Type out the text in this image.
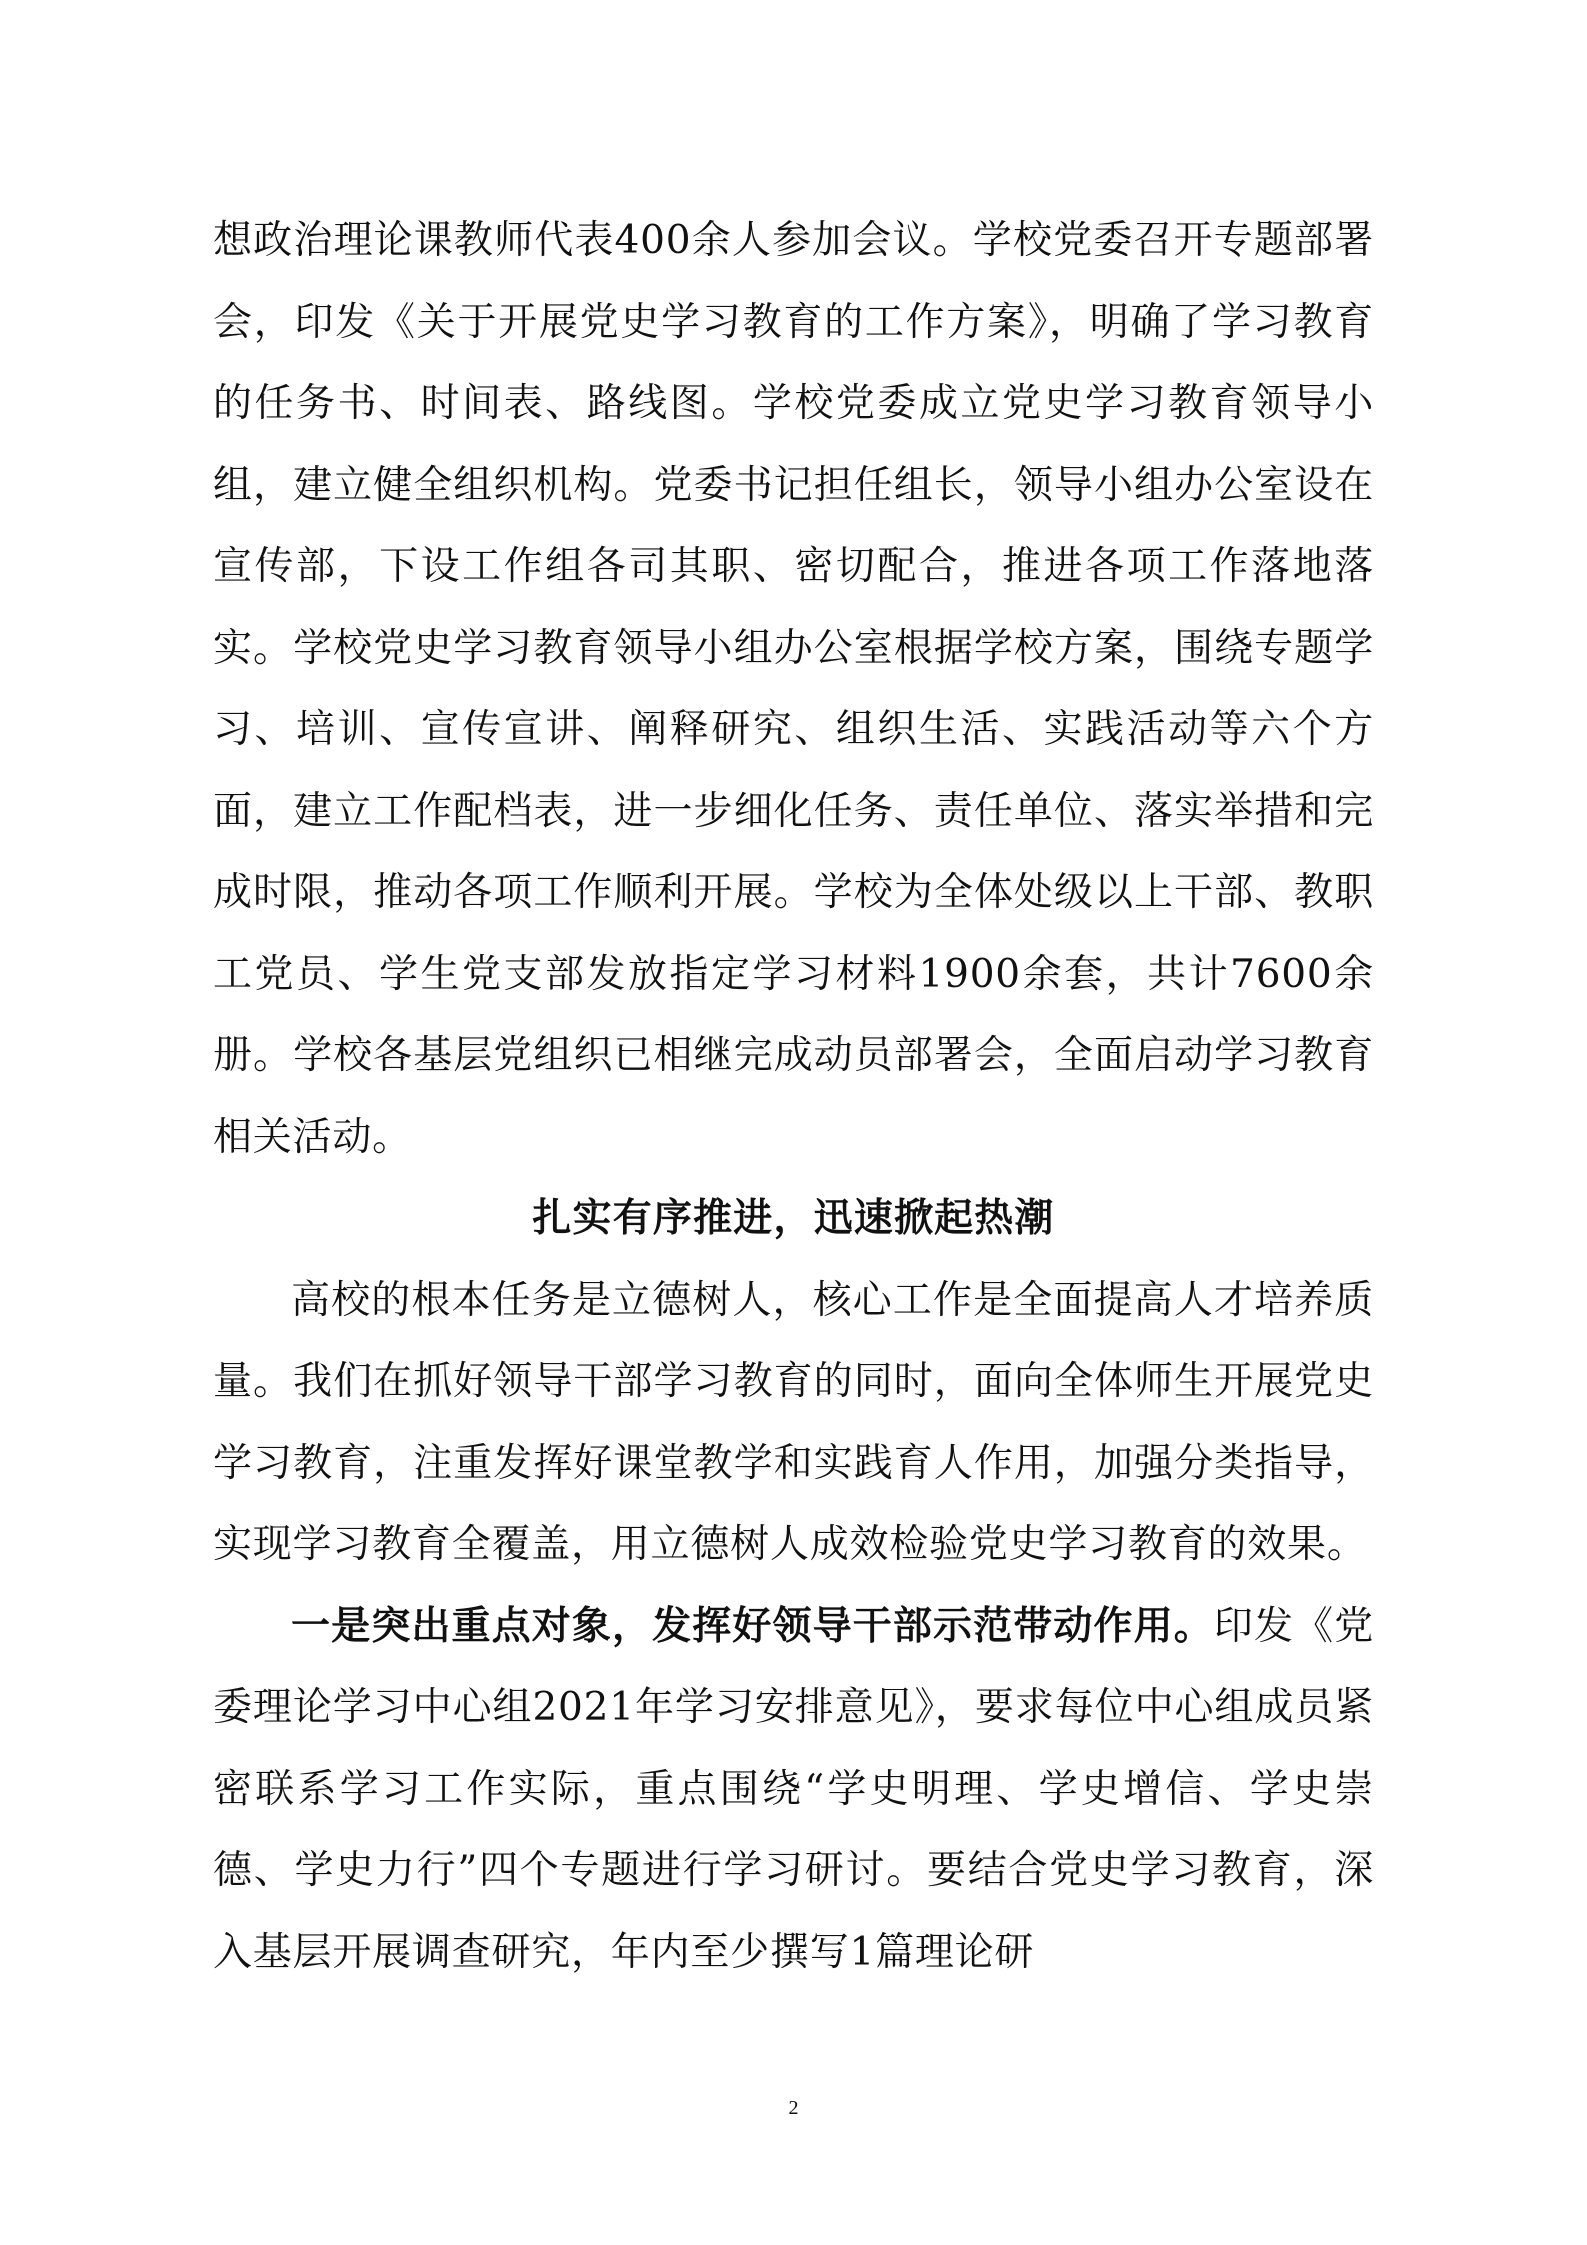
想政治理论课教师代表400余人参加会议。学校党委召开专题部署会，印发《关于开展党史学习教育的工作方案》，明确了学习教育的任务书、时间表、路线图。学校党委成立党史学习教育领导小组，建立健全组织机构。党委书记担任组长，领导小组办公室设在宣传部，下设工作组各司其职、密切配合，推进各项工作落地落实。学校党史学习教育领导小组办公室根据学校方案，围绕专题学习、培训、宣传宣讲、阐释研究、组织生活、实践活动等六个方面，建立工作配档表，进一步细化任务、责任单位、落实举措和完成时限，推动各项工作顺利开展。学校为全体处级以上干部、教职工党员、学生党支部发放指定学习材料1900余套，共计7600余册。学校各基层党组织已相继完成动员部署会，全面启动学习教育相关活动。

扎实有序推进，迅速掀起热潮

高校的根本任务是立德树人，核心工作是全面提高人才培养质量。我们在抓好领导干部学习教育的同时，面向全体师生开展党史学习教育，注重发挥好课堂教学和实践育人作用，加强分类指导，实现学习教育全覆盖，用立德树人成效检验党史学习教育的效果。

一是突出重点对象，发挥好领导干部示范带动作用。印发《党委理论学习中心组2021年学习安排意见》，要求每位中心组成员紧密联系学习工作实际，重点围绕“学史明理、学史增信、学史崇德、学史力行”四个专题进行学习研讨。要结合党史学习教育，深入基层开展调查研究，年内至少撰写1篇理论研

2
